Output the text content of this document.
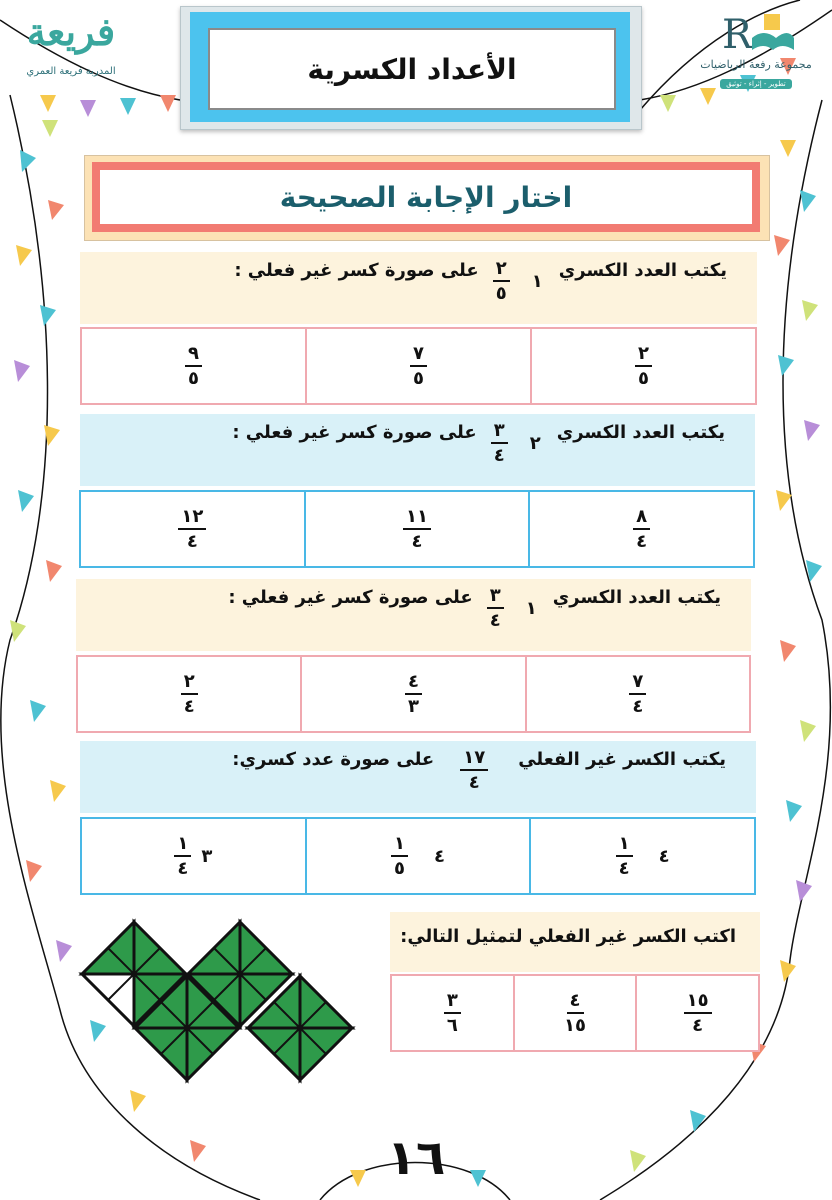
فريعة
المدربة فريعة العمري
R
مجموعة رفعة الرياضيات
تطوير - إثراء - توثيق
الأعداد الكسرية
اختار الإجابة الصحيحة
يكتب العدد الكسري
١
$\frac{٢}{٥}$
على صورة كسر غير فعلي :
$\frac{٢}{٥}$
$\frac{٧}{٥}$
$\frac{٩}{٥}$
يكتب العدد الكسري
٢
$\frac{٣}{٤}$
على صورة كسر غير فعلي :
$\frac{٨}{٤}$
$\frac{١١}{٤}$
$\frac{١٢}{٤}$
يكتب العدد الكسري
١
$\frac{٣}{٤}$
على صورة كسر غير فعلي :
$\frac{٧}{٤}$
$\frac{٤}{٣}$
$\frac{٢}{٤}$
يكتب الكسر غير الفعلي
$\frac{١٧}{٤}$
على صورة عدد كسري:
٤
$\frac{١}{٤}$
٤
$\frac{١}{٥}$
٣
$\frac{١}{٤}$
اكتب الكسر غير الفعلي لتمثيل التالي:
$\frac{١٥}{٤}$
$\frac{٤}{١٥}$
$\frac{٣}{٦}$
١٦
